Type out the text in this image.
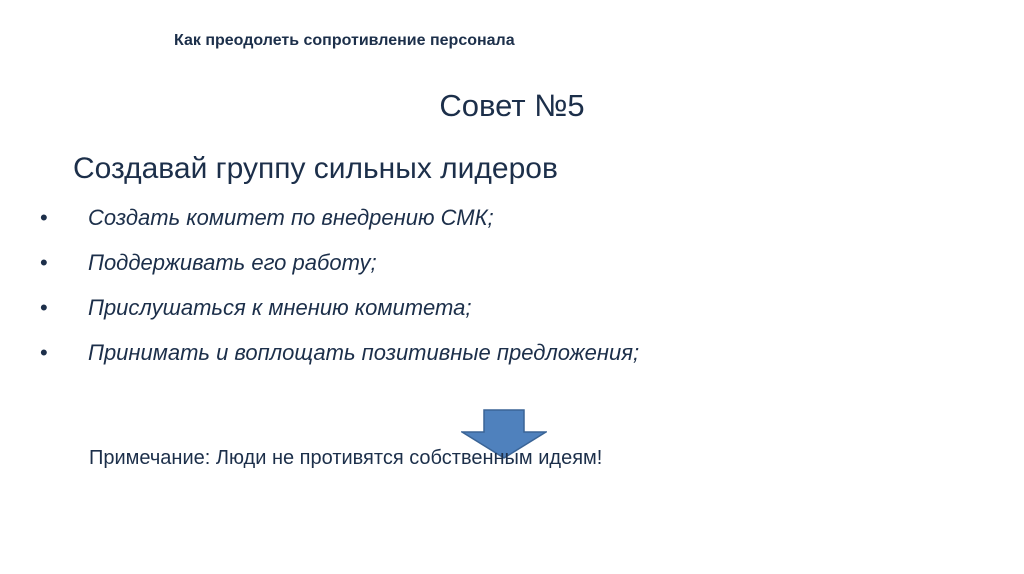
Как преодолеть сопротивление персонала
Совет №5
Создавай группу сильных лидеров
• Создать комитет по внедрению СМК;
• Поддерживать его работу;
• Прислушаться к мнению комитета;
• Принимать и воплощать позитивные предложения;
Примечание: Люди не противятся собственным идеям!
